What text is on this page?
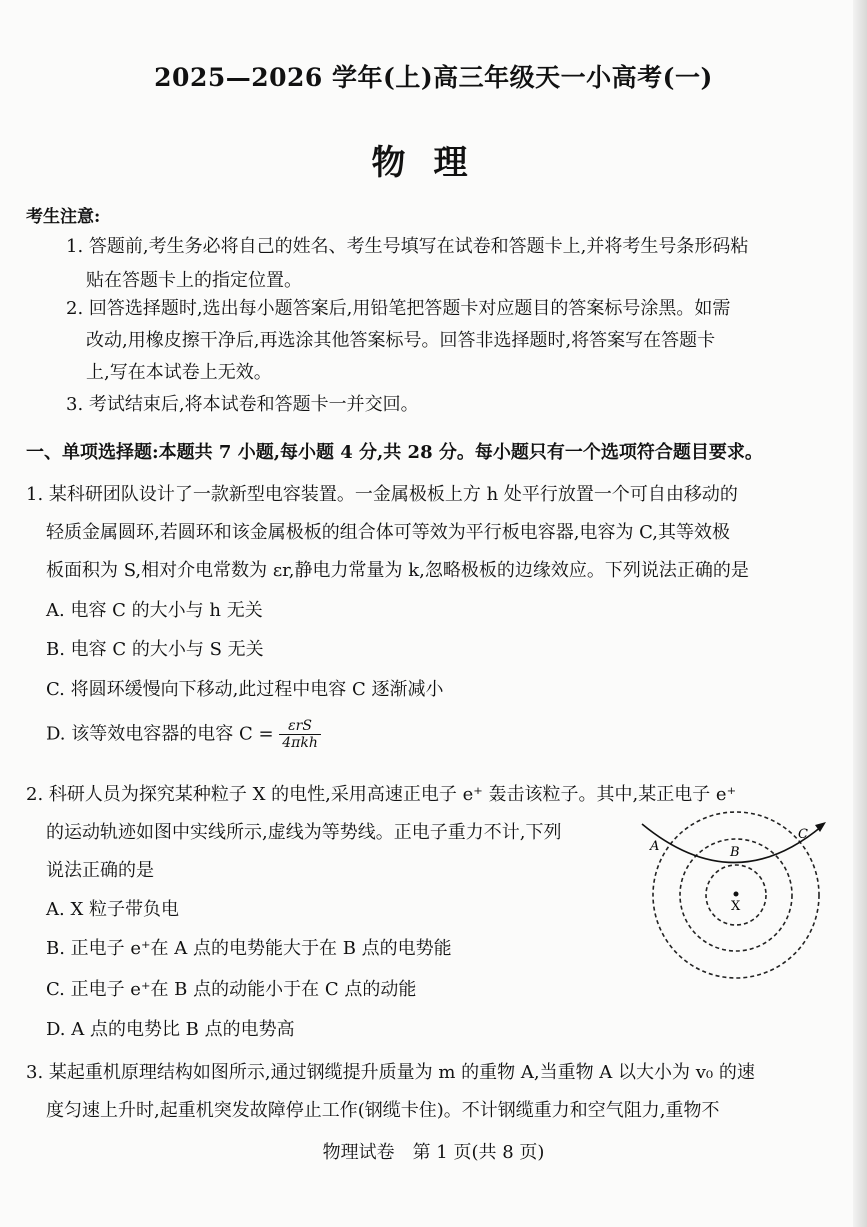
2025—2026 学年(上)高三年级天一小高考(一)
物理
考生注意:
1. 答题前,考生务必将自己的姓名、考生号填写在试卷和答题卡上,并将考生号条形码粘
贴在答题卡上的指定位置。
2. 回答选择题时,选出每小题答案后,用铅笔把答题卡对应题目的答案标号涂黑。如需
改动,用橡皮擦干净后,再选涂其他答案标号。回答非选择题时,将答案写在答题卡
上,写在本试卷上无效。
3. 考试结束后,将本试卷和答题卡一并交回。
一、单项选择题:本题共 7 小题,每小题 4 分,共 28 分。每小题只有一个选项符合题目要求。
1. 某科研团队设计了一款新型电容装置。一金属极板上方 h 处平行放置一个可自由移动的
轻质金属圆环,若圆环和该金属极板的组合体可等效为平行板电容器,电容为 C,其等效极
板面积为 S,相对介电常数为 εr,静电力常量为 k,忽略极板的边缘效应。下列说法正确的是
A. 电容 C 的大小与 h 无关
B. 电容 C 的大小与 S 无关
C. 将圆环缓慢向下移动,此过程中电容 C 逐渐减小
D. 该等效电容器的电容 $C = \frac{\text{εrS}}{\text{4πkh}}$
2. 科研人员为探究某种粒子 X 的电性,采用高速正电子 e⁺ 轰击该粒子。其中,某正电子 e⁺
的运动轨迹如图中实线所示,虚线为等势线。正电子重力不计,下列
说法正确的是
A. X 粒子带负电
B. 正电子 e⁺在 A 点的电势能大于在 B 点的电势能
C. 正电子 e⁺在 B 点的动能小于在 C 点的动能
D. A 点的电势比 B 点的电势高
A	B
C
X
3. 某起重机原理结构如图所示,通过钢缆提升质量为 m 的重物 A,当重物 A 以大小为 v₀ 的速
度匀速上升时,起重机突发故障停止工作(钢缆卡住)。不计钢缆重力和空气阻力,重物不
物理试卷　第 1 页(共 8 页)
